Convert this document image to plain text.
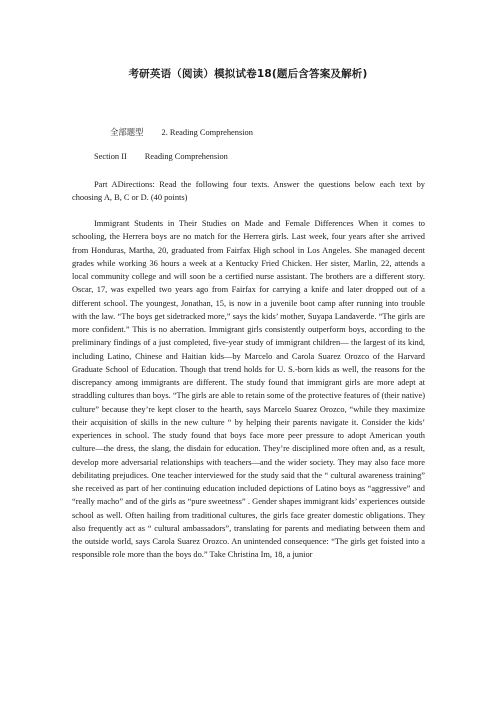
考研英语（阅读）模拟试卷18(题后含答案及解析)
全部题型 2. Reading Comprehension
Section II Reading Comprehension

Part ADirections: Read the following four texts. Answer the questions below each text by choosing A, B, C or D. (40 points)

Immigrant Students in Their Studies on Made and Female Differences When it comes to schooling, the Herrera boys are no match for the Herrera girls. Last week, four years after she arrived from Honduras, Martha, 20, graduated from Fairfax High school in Los Angeles. She managed decent grades while working 36 hours a week at a Kentucky Fried Chicken. Her sister, Marlin, 22, attends a local community college and will soon be a certified nurse assistant. The brothers are a different story. Oscar, 17, was expelled two years ago from Fairfax for carrying a knife and later dropped out of a different school. The youngest, Jonathan, 15, is now in a juvenile boot camp after running into trouble with the law. “The boys get sidetracked more,” says the kids’ mother, Suyapa Landaverde. “The girls are more confident.” This is no aberration. Immigrant girls consistently outperform boys, according to the preliminary findings of a just completed, five-year study of immigrant children— the largest of its kind, including Latino, Chinese and Haitian kids—by Marcelo and Carola Suarez Orozco of the Harvard Graduate School of Education. Though that trend holds for U. S.-born kids as well, the reasons for the discrepancy among immigrants are different. The study found that immigrant girls are more adept at straddling cultures than boys. “The girls are able to retain some of the protective features of (their native) culture” because they’re kept closer to the hearth, says Marcelo Suarez Orozco, “while they maximize their acquisition of skills in the new culture “ by helping their parents navigate it. Consider the kids’ experiences in school. The study found that boys face more peer pressure to adopt American youth culture—the dress, the slang, the disdain for education. They’re disciplined more often and, as a result, develop more adversarial relationships with teachers—and the wider society. They may also face more debilitating prejudices. One teacher interviewed for the study said that the “ cultural awareness training” she received as part of her continuing education included depictions of Latino boys as “aggressive” and “really macho” and of the girls as “pure sweetness” . Gender shapes immigrant kids’ experiences outside school as well. Often hailing from traditional cultures, the girls face greater domestic obligations. They also frequently act as “ cultural ambassadors”, translating for parents and mediating between them and the outside world, says Carola Suarez Orozco. An unintended consequence: “The girls get foisted into a responsible role more than the boys do.” Take Christina Im, 18, a junior
